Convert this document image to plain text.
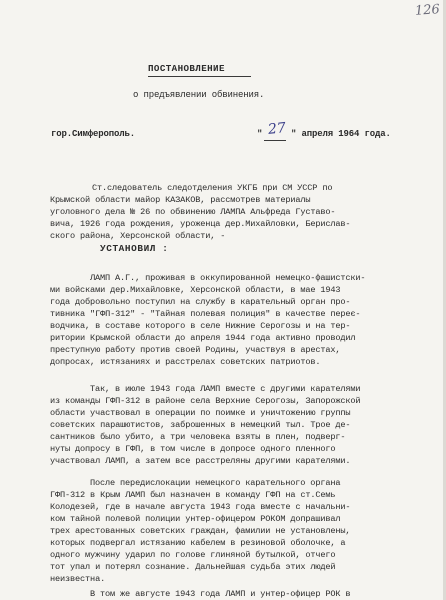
126
ПОСТАНОВЛЕНИЕ
о предъявлении обвинения.
гор.Симферополь.	" 27 " апреля 1964 года.
Ст.следователь следотделения УКГБ при СМ УССР по
Крымской области майор КАЗАКОВ, рассмотрев материалы
уголовного дела № 26 по обвинению ЛАМПА Альфреда Густаво-
вича, 1926 года рождения, уроженца дер.Михайловки, Берислав-
ского района, Херсонской области, -
УСТАНОВИЛ :
ЛАМП А.Г., проживая в оккупированной немецко-фашистски-
ми войсками дер.Михайловке, Херсонской области, в мае 1943
года добровольно поступил на службу в карательный орган про-
тивника "ГФП-312" - "Тайная полевая полиция" в качестве переє-
водчика, в составе которого в селе Нижние Серогозы и на тер-
ритории Крымской области до апреля 1944 года активно проводил
преступную работу против своей Родины, участвуя в арестах,
допросах, истязаниях и расстрелах советских патриотов.
Так, в июле 1943 года ЛАМП вместе с другими карателями
из команды ГФП-312 в районе села Верхние Серогозы, Запорожской
области участвовал в операции по поимке и уничтожению группы
советских парашютистов, заброшенных в немецкий тыл. Трое де-
сантников было убито, а три человека взяты в плен, подверг-
нуты допросу в ГФП, в том числе в допросе одного пленного
участвовал ЛАМП, а затем все расстреляны другими карателями.
После передислокации немецкого карательного органа
ГФП-312 в Крым ЛАМП был назначен в команду ГФП на ст.Семь
Колодезей, где в начале августа 1943 года вместе с начальни-
ком тайной полевой полиции унтер-офицером РОКОМ допрашивал
трех арестованных советских граждан, фамилии не установлены,
которых подвергал истязанию кабелем в резиновой оболочке, а
одного мужчину ударил по голове глиняной бутылкой, отчего
тот упал и потерял сознание. Дальнейшая судьба этих людей
неизвестна.
В том же августе 1943 года ЛАМП и унтер-офицер РОК в
